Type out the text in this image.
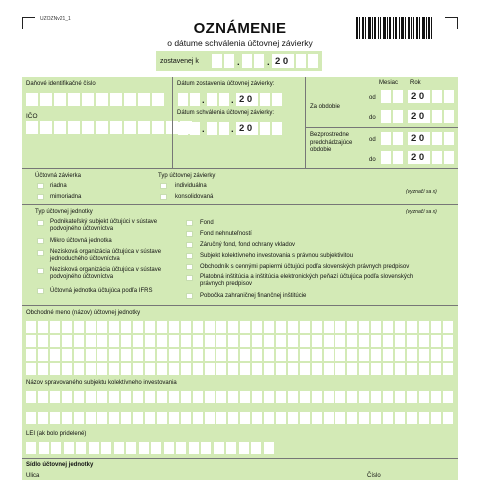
UZOZNv21_1
OZNÁMENIE
o dátume schválenia účtovnej závierky
zostavenej k	.	. 2 0
Daňové identifikačné číslo
IČO
Dátum zostavenia účtovnej závierky:
.	. 2 0
Dátum schválenia účtovnej závierky:
.	. 2 0
Mesiac Rok
Za obdobie
od	2 0
do	2 0
Bezprostredne predchádzajúce obdobie
od	2 0
do	2 0
Účtovná závierka
riadna
mimoriadna
Typ účtovnej závierky
individuálna
konsolidovaná
(vyznačí sa x)
Typ účtovnej jednotky	(vyznačí sa x)
Podnikateľský subjekt účtujúci v sústave podvojného účtovníctva
Mikro účtovná jednotka
Nezisková organizácia účtujúca v sústave jednoduchého účtovníctva
Nezisková organizácia účtujúca v sústave podvojného účtovníctva
Účtovná jednotka účtujúca podľa IFRS
Fond
Fond nehnuteľností
Záručný fond, fond ochrany vkladov
Subjekt kolektívneho investovania s právnou subjektivitou
Obchodník s cennými papiermi účtujúci podľa slovenských právnych predpisov
Platobná inštitúcia a inštitúcia elektronických peňazí účtujúca podľa slovenských právnych predpisov
Pobočka zahraničnej finančnej inštitúcie
Obchodné meno (názov) účtovnej jednotky
Názov spravovaného subjektu kolektívneho investovania
LEI (ak bolo pridelené)
Sídlo účtovnej jednotky
Ulica	Číslo
